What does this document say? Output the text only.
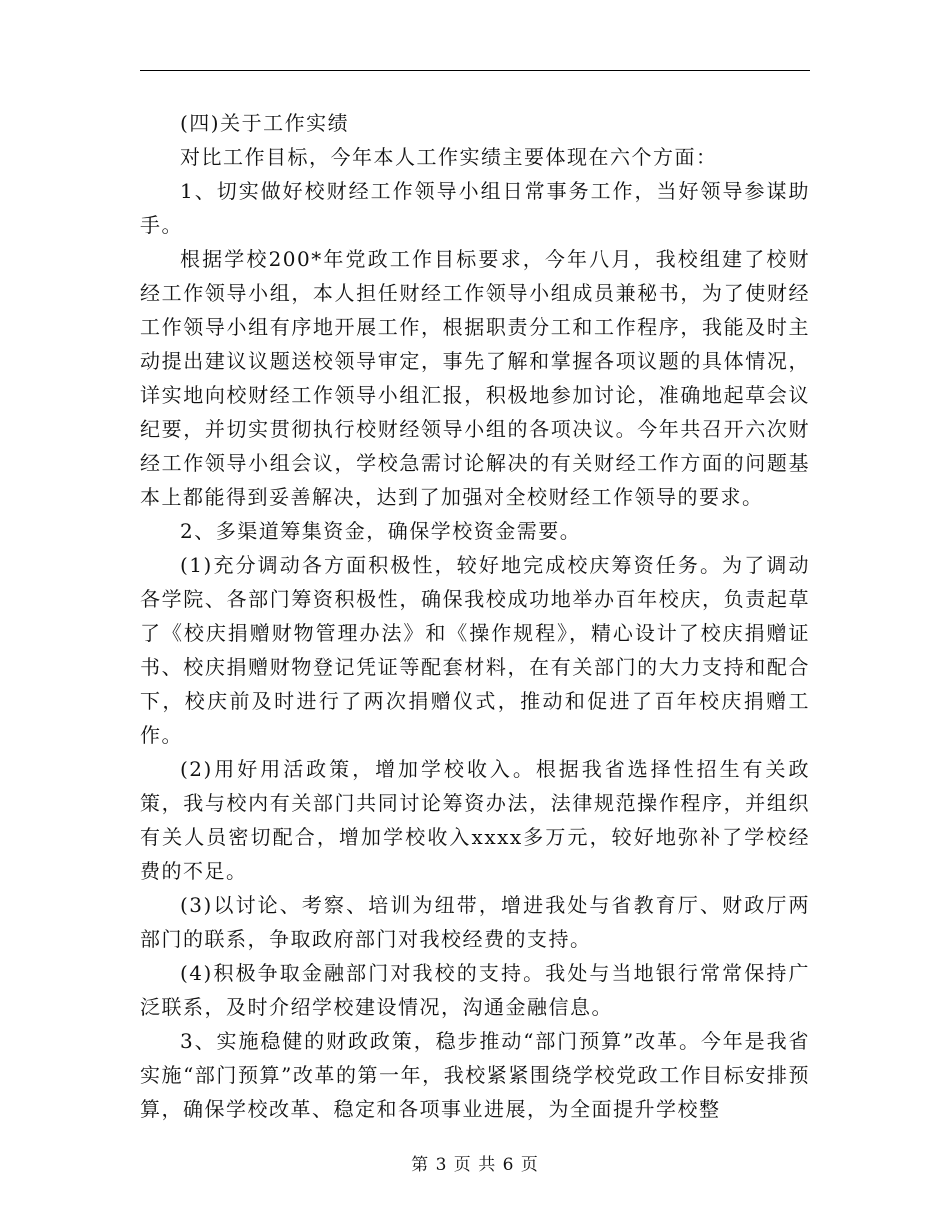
(四)关于工作实绩

对比工作目标，今年本人工作实绩主要体现在六个方面：

1、切实做好校财经工作领导小组日常事务工作，当好领导参谋助手。

根据学校200*年党政工作目标要求，今年八月，我校组建了校财经工作领导小组，本人担任财经工作领导小组成员兼秘书，为了使财经工作领导小组有序地开展工作，根据职责分工和工作程序，我能及时主动提出建议议题送校领导审定，事先了解和掌握各项议题的具体情况，详实地向校财经工作领导小组汇报，积极地参加讨论，准确地起草会议纪要，并切实贯彻执行校财经领导小组的各项决议。今年共召开六次财经工作领导小组会议，学校急需讨论解决的有关财经工作方面的问题基本上都能得到妥善解决，达到了加强对全校财经工作领导的要求。

2、多渠道筹集资金，确保学校资金需要。

(1)充分调动各方面积极性，较好地完成校庆筹资任务。为了调动各学院、各部门筹资积极性，确保我校成功地举办百年校庆，负责起草了《校庆捐赠财物管理办法》和《操作规程》，精心设计了校庆捐赠证书、校庆捐赠财物登记凭证等配套材料，在有关部门的大力支持和配合下，校庆前及时进行了两次捐赠仪式，推动和促进了百年校庆捐赠工作。

(2)用好用活政策，增加学校收入。根据我省选择性招生有关政策，我与校内有关部门共同讨论筹资办法，法律规范操作程序，并组织有关人员密切配合，增加学校收入xxxx多万元，较好地弥补了学校经费的不足。

(3)以讨论、考察、培训为纽带，增进我处与省教育厅、财政厅两部门的联系，争取政府部门对我校经费的支持。

(4)积极争取金融部门对我校的支持。我处与当地银行常常保持广泛联系，及时介绍学校建设情况，沟通金融信息。

3、实施稳健的财政政策，稳步推动“部门预算”改革。今年是我省实施“部门预算”改革的第一年，我校紧紧围绕学校党政工作目标安排预算，确保学校改革、稳定和各项事业进展，为全面提升学校整

第 3 页 共 6 页
